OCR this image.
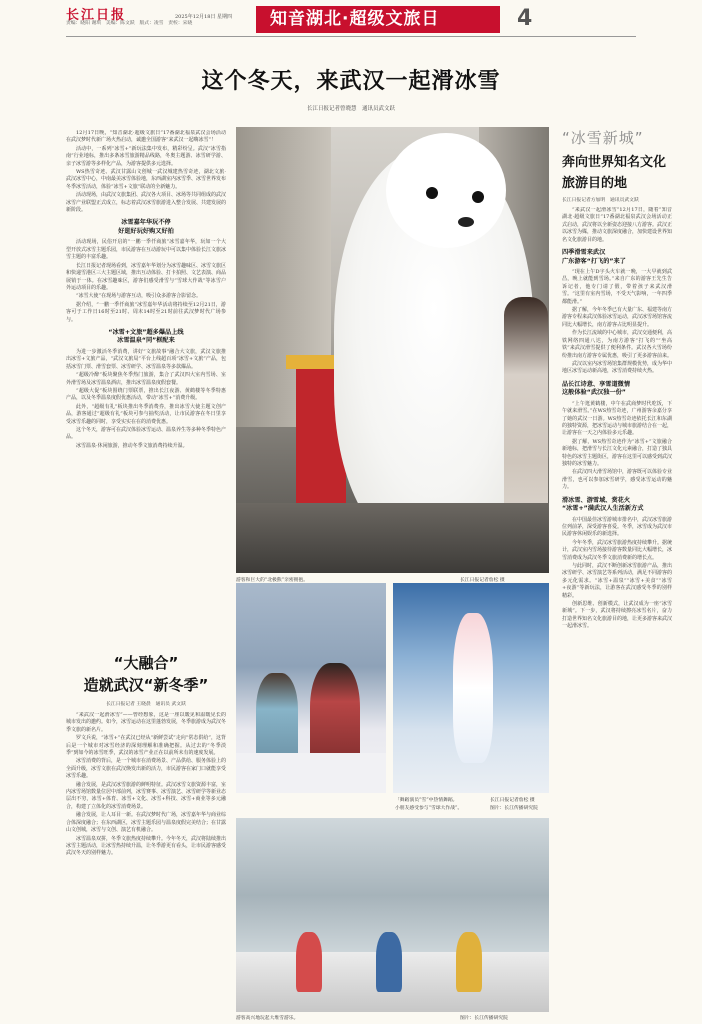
长江日报	2025年12月18日 星期四
责编：晓阳 谢琪　美编：陈文跃　版式：凌雪　责校：宋晓	知音湖北·超级文旅日	4
这个冬天，来武汉一起滑冰雪
长江日报记者曾晓慧　通讯员武文跃

12月17日晚，“知音湖北·超级文旅日”17番湖北福泉武汉会场活动在武汉梦时代新广场火热启动，诚邀全国游客“来武汉一起嗨冰雪”！

活动中，一系列“冰雪+”新玩法集中发布，精彩纷呈。武汉“冰雪指南”行业地标，推出多条冰雪旅游精品线路，冬奥主题游、冰雪研学游、亲子冰雪游等多样化产品，为游客提供多元选择。

WS热雪奇迹、武汉甘露山文创城一武汉城建热雪奇迹，湖北文旅·武汉冰雪中心，中南最美冰雪体验地，东西湖室内冰雪季、冰雪世界发布冬季冰雪活动，体验“冰雪+文旅”联动的全新魅力。

活动现场，由武汉文旅集团、武汉各大项目、冰场等共同组成的武汉冰雪产业联盟正式成立，标志着武汉冰雪旅游进入整合发展、共建发展的新阶段。

冰雪嘉年华玩不停
好逛好玩好购又好拍

活动现场，民俗开启的“一鹏一季仟商旅”冰雪嘉年华，玩如一个大型开放式冰雪主题乐园，市民游客在互动游玩中可以集中体验长江文旅冰雪主题的丰富乐趣。

长江日报记者现场看到，冰雪嘉年华划分为冰雪趣味区、冰雪文旅区和快递雪港区三大主题区域，推出互动体验、打卡拍照、文艺表演、商品展销于一体。在冰雪趣味区，游客们感受滑雪与“雪球大作战”等冰雪户外运动项目的乐趣。

“冰雪大使”在现场与游客互动，吸引众多游客合影留念。

据介绍，“一鹏一季仟商旅”冰雪嘉年华活动将持续至12月21日，游客可于工作日16时至21时、周末14时至21时前往武汉梦时代广场参与。

“冰雪+文旅”超多爆品上线
冰雪温泉“同”框配来

为进一步激活冬季消费，讲好“文旅故事”融合大文旅，武汉文旅推出冰雪+文旅产品，“武汉文旅局”平台上线超百项“冰雪+文旅”产品，包括冰雪门票、滑雪套票、冰雪研学、冰雪温泉等多款爆品。

“超级冷醉”板块聚焦冬季热门旅游，集合了武汉四大室内雪场、室外滑雪场及冰雪温泉酒店，推出冰雪温泉度假套餐。

“超级大促”板块围绕门票联票，推出长江夜游、黄鹤楼等冬季特惠产品，以及冬季温泉度假优惠活动，带动“冰雪+”消费升级。

此外，“超级有礼”板块推出冬季消费券，推出冰雪大使主题文创产品，游客通过“超级有礼”板块可参与抽奖活动，让市民游客在冬日里享受冰雪乐趣的同时，享受实实在在的消费优惠。

这个冬天，游客可在武汉体验冰雪运动、温泉养生等多种冬季特色产品。

冰雪温泉·休闲旅游，推动冬季文旅消费持续升温。

“大融合”
造就武汉“新冬季”
长江日报记者 王晓晨　通讯员 武文跃

“来武汉一起滑冰雪”——曾经想象，这是一座以暖见和温暖见长的城市发出的邀约。如今，冰雪运动在这里蓬勃发展，冬季旅游成为武汉冬季文旅的新名片。

罗文兵说，“冰雪+”在武汉已经从“新鲜尝试”走向“常态供给”，这背后是一个城市对冰雪经济的深刻理解和准确把握。从过去的“冬季淡季”到如今的冰雪旺季，武汉的冰雪产业正在以前所未有的速度发展。

冰雪消费的背后，是一个城市在消费场景、产品供给、服务体验上的全面升级，冰雪文旅在武汉焕发出新的活力，市民游客在家门口就能享受冰雪乐趣。

融合发展，是武汉冰雪旅游的鲜明特征。武汉冰雪文旅资源丰富，室内冰雪场馆数量位居中部前列，冰雪赛事、冰雪演艺、冰雪研学等新业态层出不穷，冰雪+体育、冰雪+文化、冰雪+科技、冰雪+商业等多元融合，构建了立体化的冰雪消费场景。

融合发展，让人耳目一新。在武汉梦时代广场，冰雪嘉年华与商业综合体深度融合；在东西湖区，冰雪主题乐园与温泉度假完美结合；在甘露山文创城，冰雪与文创、演艺有机融合。

冰雪温泉双拼，冬季文旅热度持续攀升。今年冬天，武汉将陆续推出冰雪主题活动，让冰雪热持续升温，让冬季游更有看头，让市民游客感受武汉冬天的别样魅力。

游客和巨大的“北极熊”亲密拥抱。	长江日报记者詹松 摄
「舞蹈演员“雪”中热情舞蹈。	长江日报记者詹松 摄
小朋友感受参与“雪球大作战”。	图片：长江传播研究院
游客高兴地玩起大堆雪游乐。	图片：长江传播研究院
“冰雪新城”
奔向世界知名文化旅游目的地
长江日报记者方加明　通讯员武文跃

“来武汉一起滑冰雪”12月17日，随着“知音湖北·超级文旅日”17番湖北福泉武汉会场活动正式启动，武汉将以全新姿态迎接八方游客。武汉正以冰雪为媒，推动文旅深度融合，加快建设世界知名文化旅游目的地。

四季滑雪来武汉
广东游客“打飞的”来了

“现在上午D字头火车就一晚，一大早就到武昌，晚上就能到雪场。”来自广东的游客王先生告诉记者，他专门请了假，带着孩子来武汉滑雪。“这里有室内雪场，不受天气影响，一年四季都能滑。”

据了解，今年冬季已有大量广东、福建等南方游客专程来武汉体验冰雪运动，武汉冰雪场馆客流同比大幅增长，南方游客占比明显提升。

作为长江流域的中心城市，武汉交通便利，高铁网络四通八达，为南方游客“打飞的”“坐高铁”来武汉滑雪提供了便利条件。武汉各大雪场纷纷推出南方游客专属优惠，吸引了更多游客前来。

武汉以室内冰雪场馆集群规模优势，成为华中地区冰雪运动新高地，冰雪消费持续火热。

品长江诗意、享雪道微情
这般体验“武汉独一份”

“上午逛黄鹤楼，中午在武商梦时代吃饭，下午就来滑雪。”在WS热雪奇迹，广州游客余嘉分享了她的武汉一日游。WS热雪奇迹依托长江和东湖的独特资源，把冰雪运动与城市旅游结合在一起，让游客在一天之内体验多元乐趣。

据了解，WS热雪奇迹作为“冰雪+”文旅融合新地标，把滑雪与长江文化元素融合，打造了独具特色的冰雪主题街区，游客在这里可以感受到武汉独特的冰雪魅力。

在武汉四大滑雪场馆中，游客既可以体验专业滑雪，也可以参加冰雪研学，感受冰雪运动的魅力。

滑冰雪、游雪域、赏花火
“冰雪+”满武汉人生活新方式

在中国最佳冰雪游城市排名中，武汉冰雪旅游位列前茅，深受游客喜爱。冬季，冰雪成为武汉市民游客休闲娱乐的新选择。

今年冬季，武汉冰雪旅游热度持续攀升。据统计，武汉室内雪场接待游客数量同比大幅增长，冰雪消费成为武汉冬季文旅消费新的增长点。

与此同时，武汉不断创新冰雪旅游产品，推出冰雪研学、冰雪演艺等系列活动，满足不同游客的多元化需求。“冰雪+温泉”“冰雪+美食”“冰雪+夜游”等新玩法，让游客在武汉感受冬季的别样精彩。

创新思维、创新模式，让武汉成为一座“冰雪新城”。下一步，武汉将持续擦亮冰雪名片，奋力打造世界知名文化旅游目的地，让更多游客来武汉一起滑冰雪。
